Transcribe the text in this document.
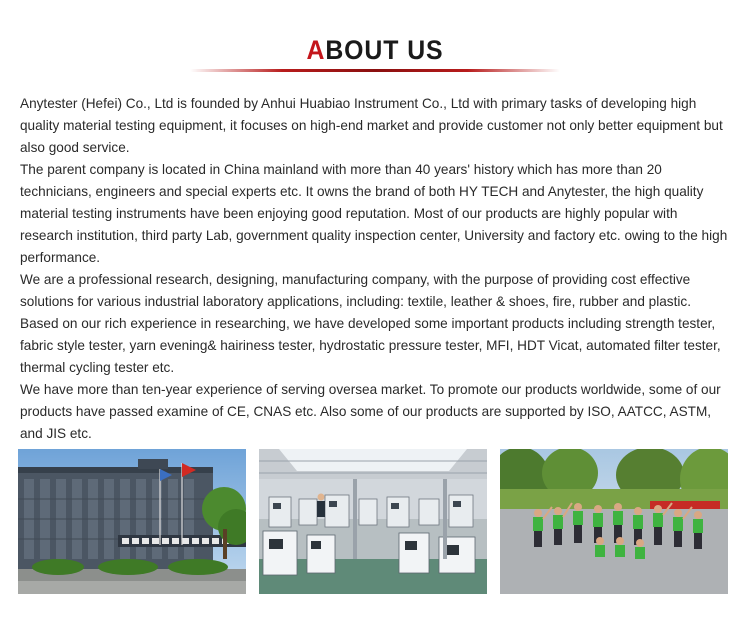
ABOUT US

Anytester (Hefei) Co., Ltd is founded by Anhui Huabiao Instrument Co., Ltd with primary tasks of developing high quality material testing equipment, it focuses on high-end market and provide customer not only better equipment but also good service.

The parent company is located in China mainland with more than 40 years' history which has more than 20 technicians, engineers and special experts etc. It owns the brand of both HY TECH and Anytester, the high quality material testing instruments have been enjoying good reputation. Most of our products are highly popular with research institution, third party Lab, government quality inspection center, University and factory etc. owing to the high performance.

We are a professional research, designing, manufacturing company, with the purpose of providing cost effective solutions for various industrial laboratory applications, including: textile, leather & shoes, fire, rubber and plastic. Based on our rich experience in researching, we have developed some important products including strength tester, fabric style tester, yarn evening& hairiness tester, hydrostatic pressure tester, MFI, HDT Vicat, automated filter tester, thermal cycling tester etc.

We have more than ten-year experience of serving oversea market. To promote our products worldwide, some of our products have passed examine of CE, CNAS etc. Also some of our products are supported by ISO, AATCC, ASTM, and JIS etc.
